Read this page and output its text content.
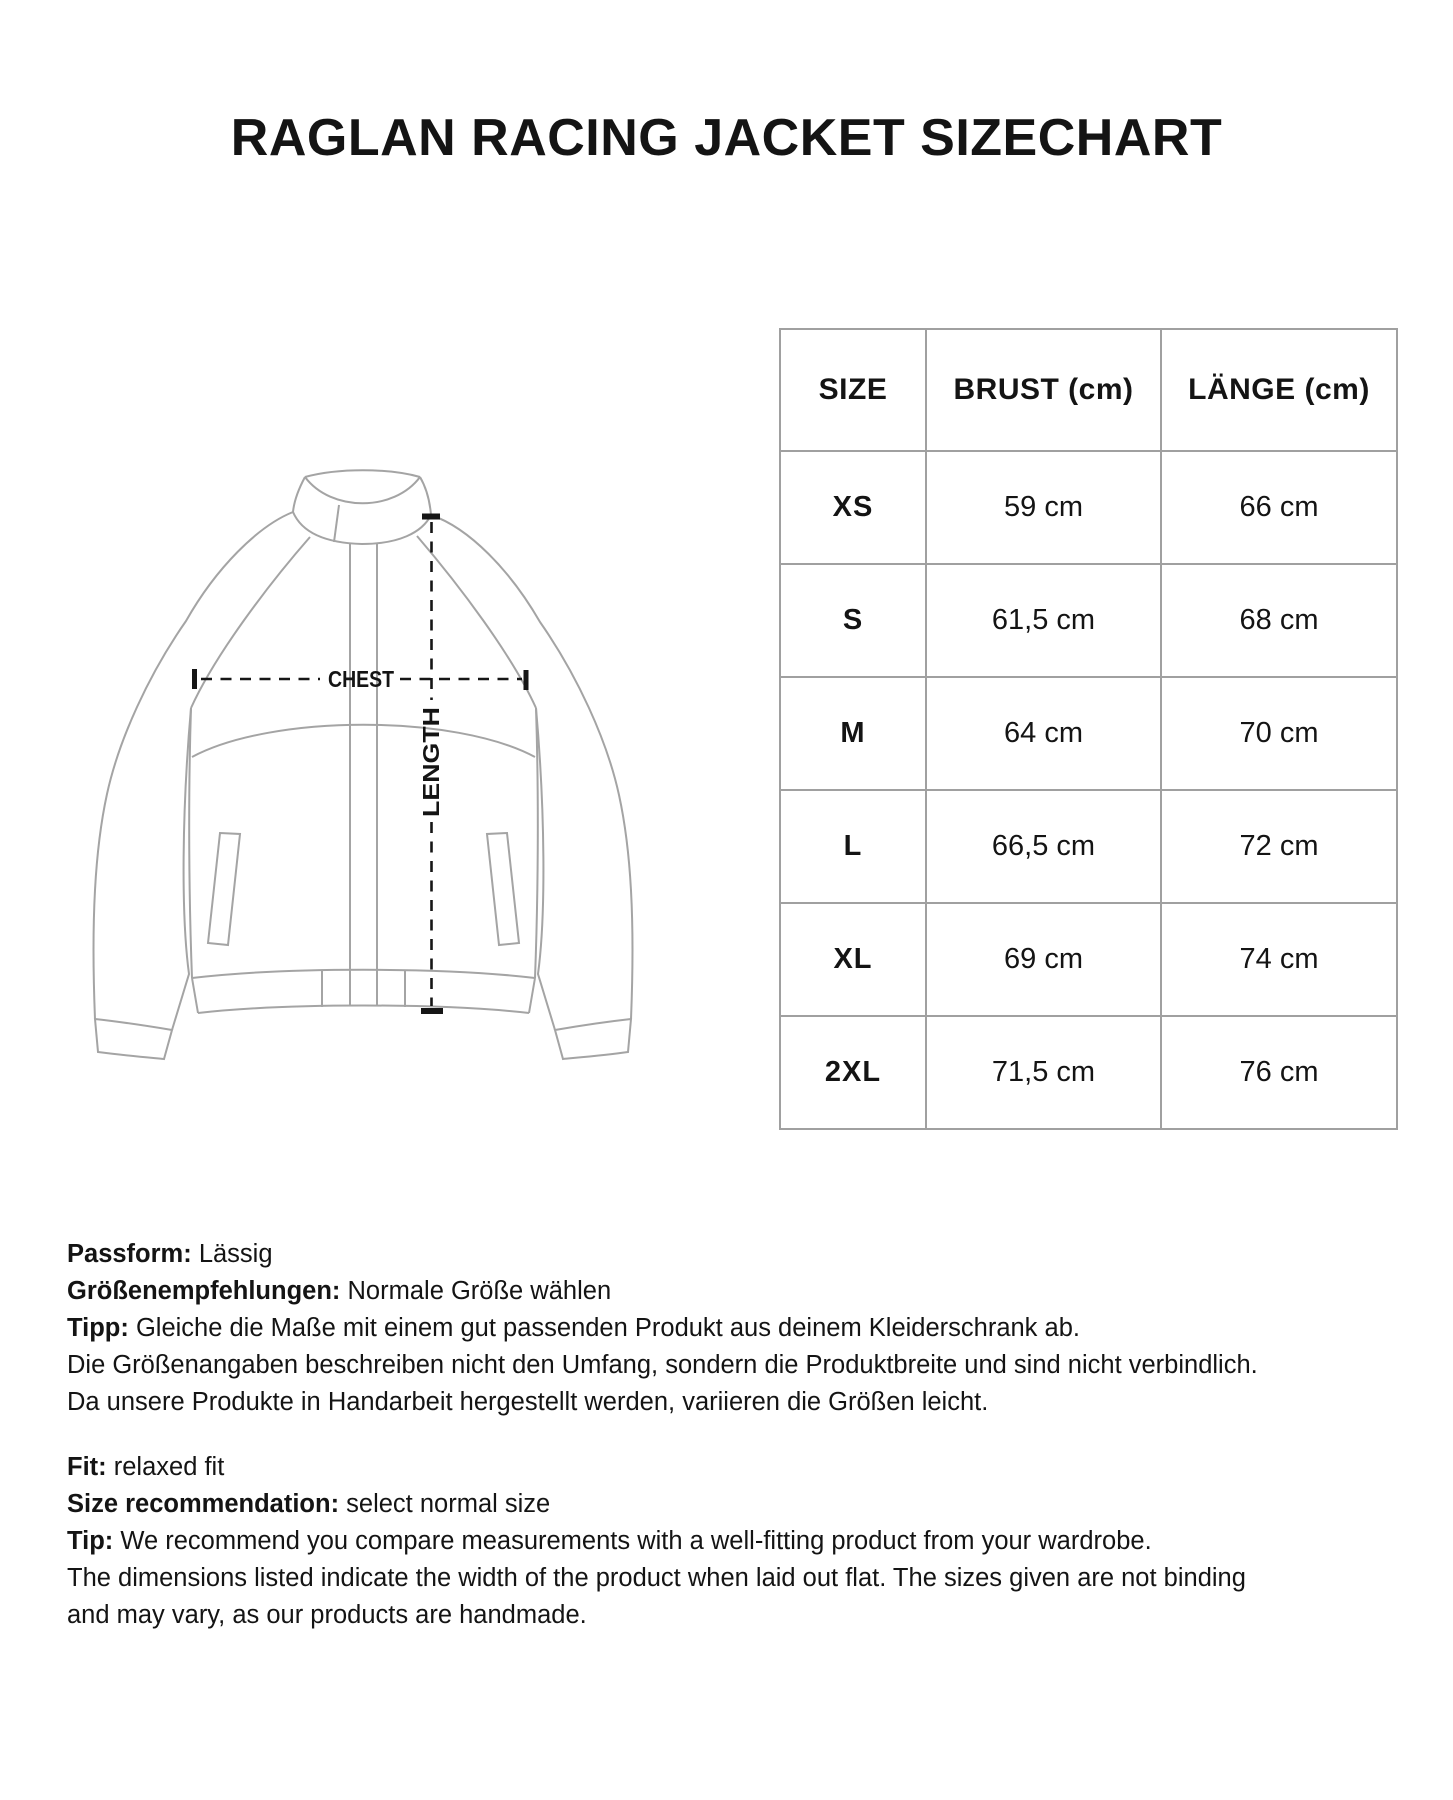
RAGLAN RACING JACKET SIZECHART
CHEST
LENGTH
SIZE	BRUST (cm)	LÄNGE (cm)
XS	59 cm	66 cm
S	61,5 cm	68 cm
M	64 cm	70 cm
L	66,5 cm	72 cm
XL	69 cm	74 cm
2XL	71,5 cm	76 cm
Passform: Lässig
Größenempfehlungen: Normale Größe wählen
Tipp: Gleiche die Maße mit einem gut passenden Produkt aus deinem Kleiderschrank ab.
Die Größenangaben beschreiben nicht den Umfang, sondern die Produktbreite und sind nicht verbindlich.
Da unsere Produkte in Handarbeit hergestellt werden, variieren die Größen leicht.
Fit: relaxed fit
Size recommendation: select normal size
Tip: We recommend you compare measurements with a well-fitting product from your wardrobe.
The dimensions listed indicate the width of the product when laid out flat. The sizes given are not binding
and may vary, as our products are handmade.
